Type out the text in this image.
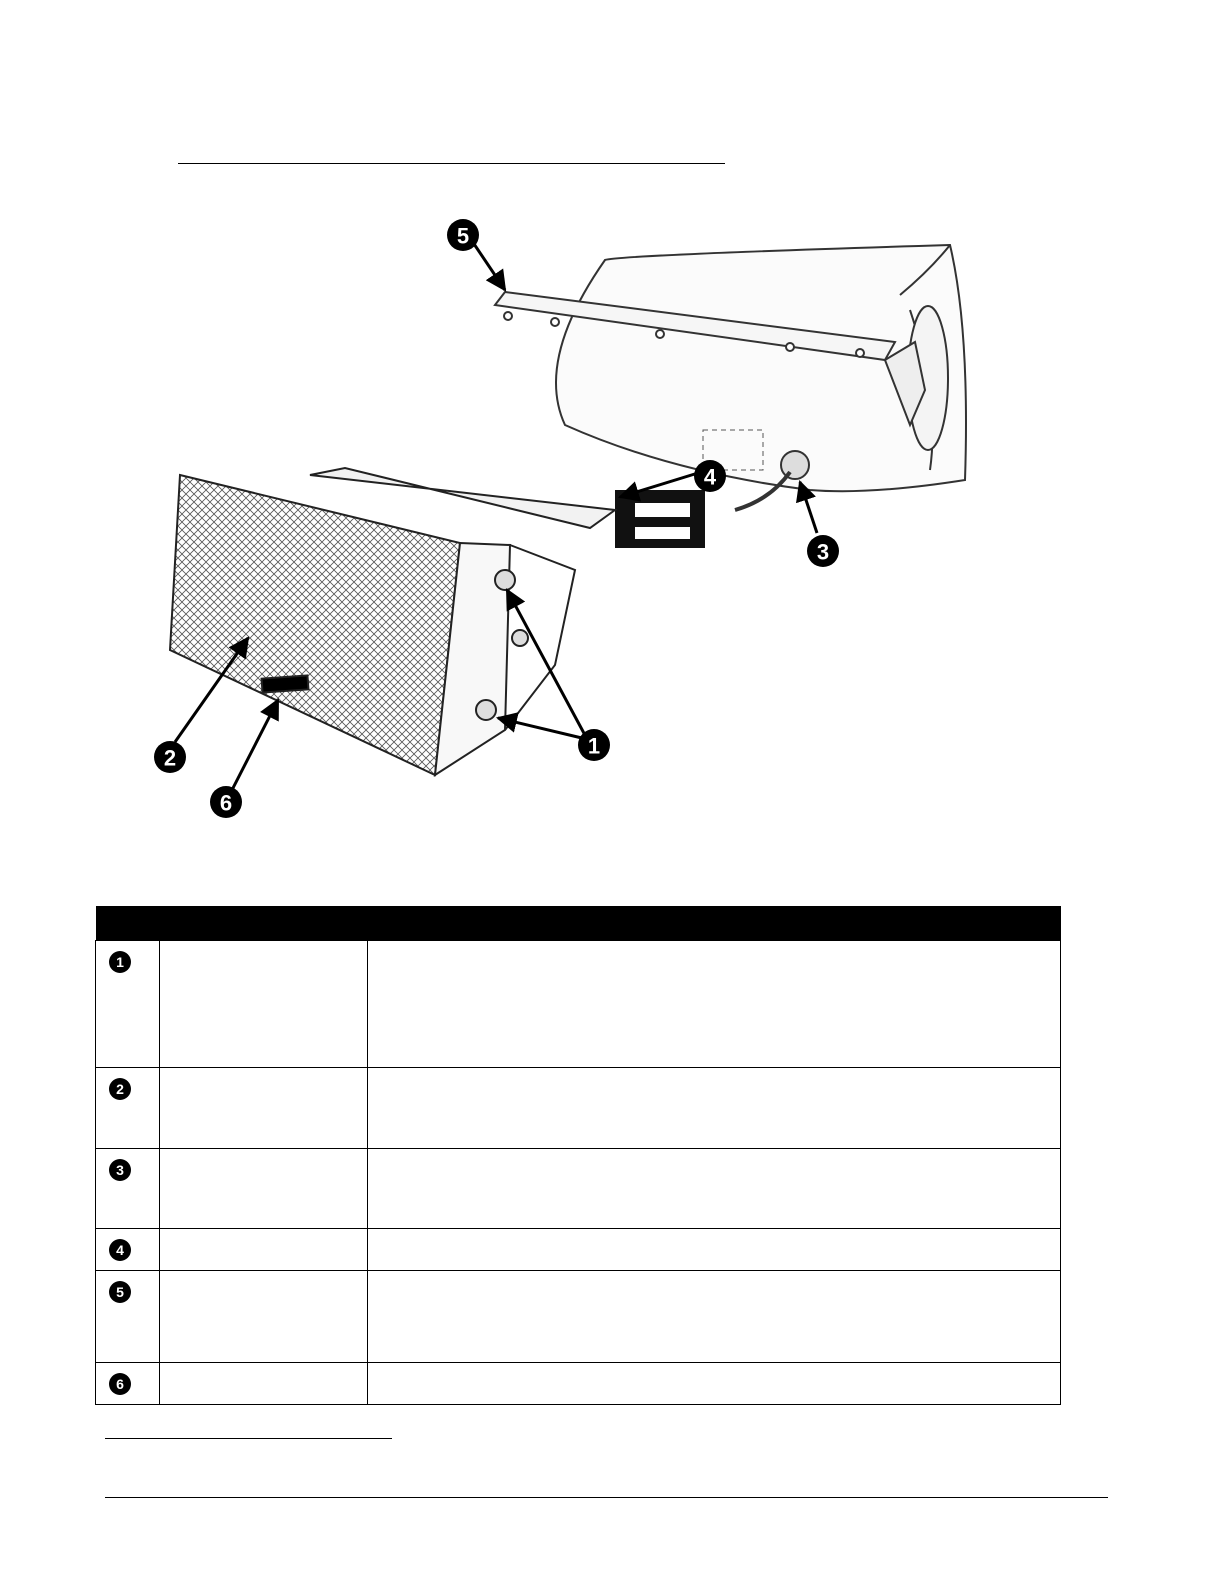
5
4
3
1
2
6

1		
2		
3		
4		
5		
6		
